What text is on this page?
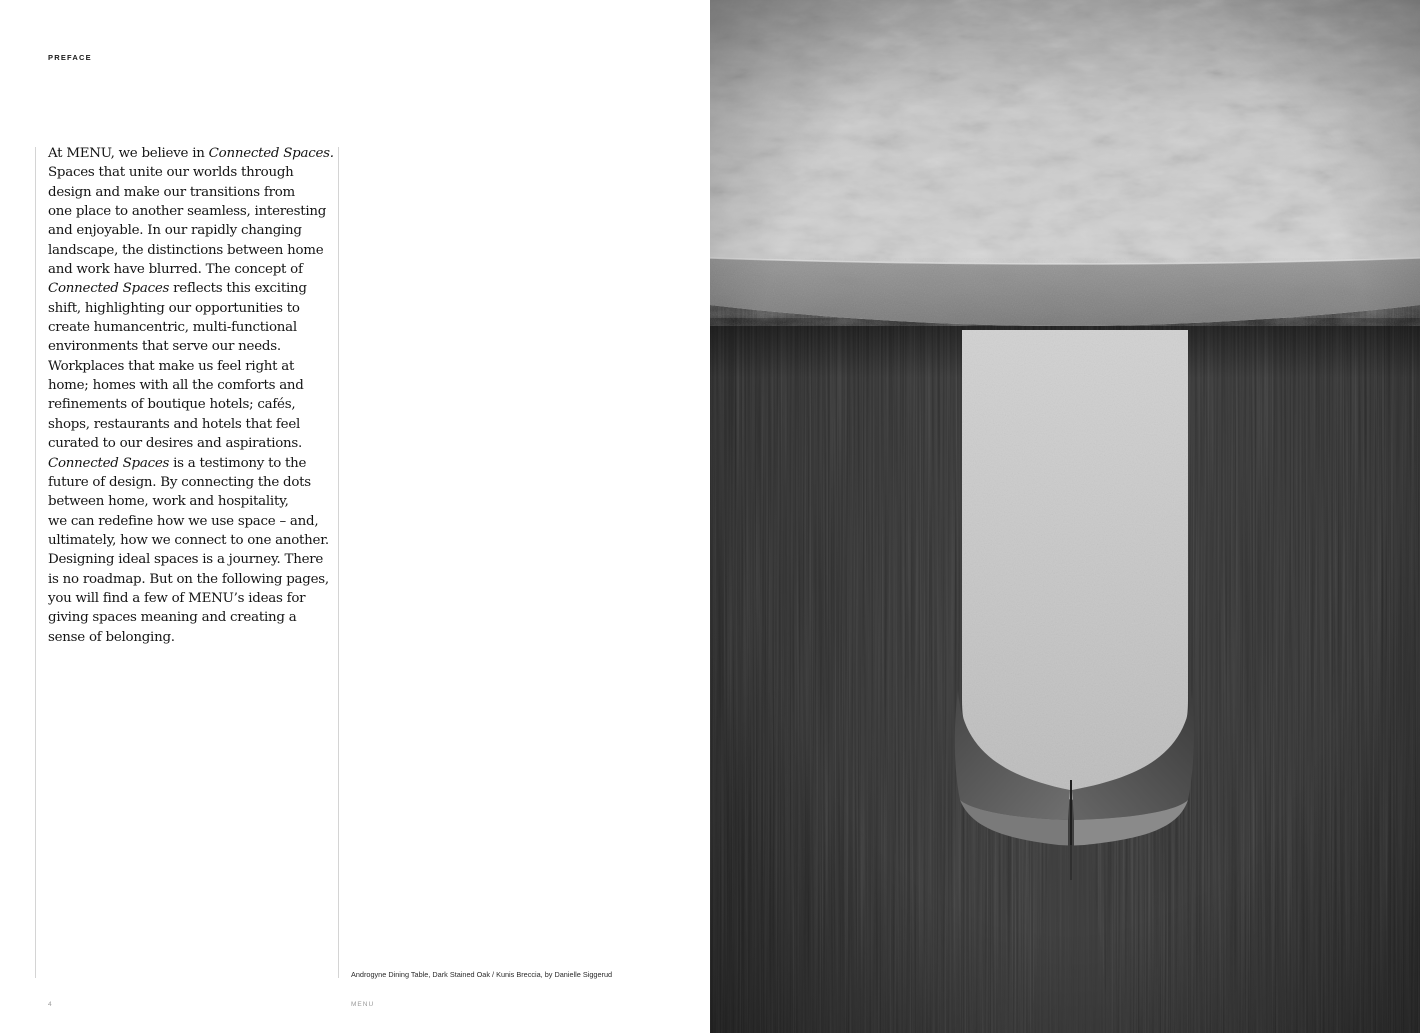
PREFACE

At MENU, we believe in Connected Spaces.
Spaces that unite our worlds through
design and make our transitions from
one place to another seamless, interesting
and enjoyable. In our rapidly changing
landscape, the distinctions between home
and work have blurred. The concept of
Connected Spaces reflects this exciting
shift, highlighting our opportunities to
create humancentric, multi-functional
environments that serve our needs.
Workplaces that make us feel right at
home; homes with all the comforts and
refinements of boutique hotels; cafés,
shops, restaurants and hotels that feel
curated to our desires and aspirations.
Connected Spaces is a testimony to the
future of design. By connecting the dots
between home, work and hospitality,
we can redefine how we use space – and,
ultimately, how we connect to one another.
Designing ideal spaces is a journey. There
is no roadmap. But on the following pages,
you will find a few of MENU’s ideas for
giving spaces meaning and creating a
sense of belonging.

Androgyne Dining Table, Dark Stained Oak / Kunis Breccia, by Danielle Siggerud
4	MENU
